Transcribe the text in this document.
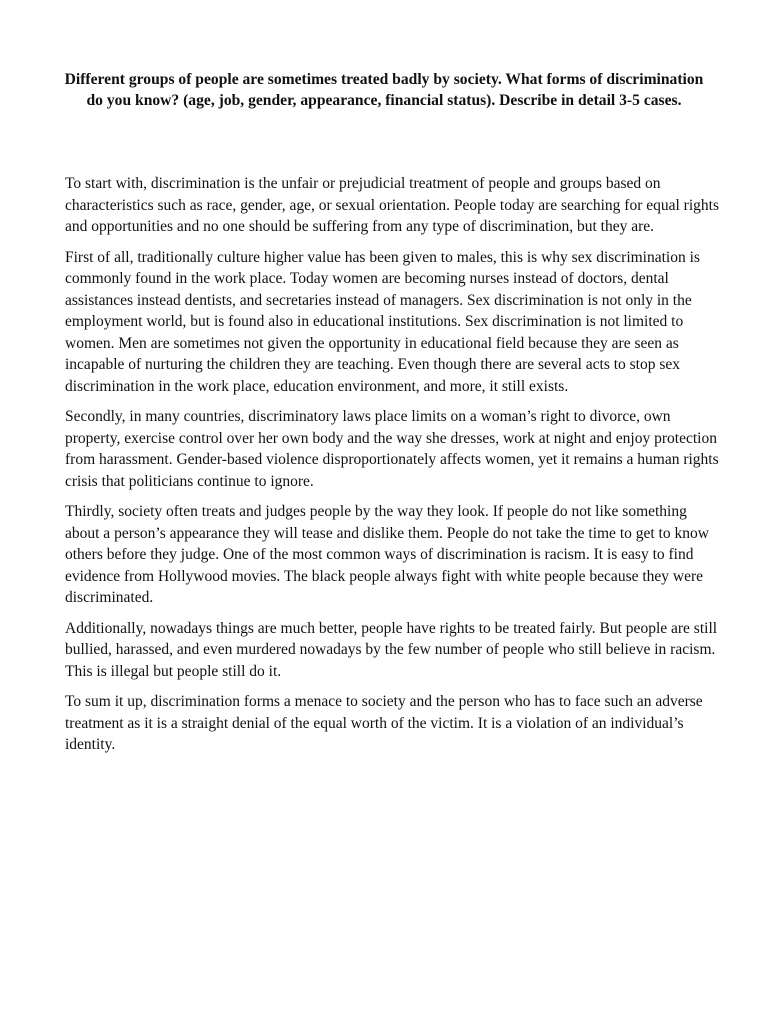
Different groups of people are sometimes treated badly by society. What forms of discrimination do you know? (age, job, gender, appearance, financial status). Describe in detail 3-5 cases.

To start with, discrimination is the unfair or prejudicial treatment of people and groups based on characteristics such as race, gender, age, or sexual orientation. People today are searching for equal rights and opportunities and no one should be suffering from any type of discrimination, but they are.

First of all, traditionally culture higher value has been given to males, this is why sex discrimination is commonly found in the work place. Today women are becoming nurses instead of doctors, dental assistances instead dentists, and secretaries instead of managers. Sex discrimination is not only in the employment world, but is found also in educational institutions. Sex discrimination is not limited to women. Men are sometimes not given the opportunity in educational field because they are seen as incapable of nurturing the children they are teaching. Even though there are several acts to stop sex discrimination in the work place, education environment, and more, it still exists.

Secondly, in many countries, discriminatory laws place limits on a woman’s right to divorce, own property, exercise control over her own body and the way she dresses, work at night and enjoy protection from harassment. Gender-based violence disproportionately affects women, yet it remains a human rights crisis that politicians continue to ignore.

Thirdly, society often treats and judges people by the way they look. If people do not like something about a person’s appearance they will tease and dislike them. People do not take the time to get to know others before they judge. One of the most common ways of discrimination is racism. It is easy to find evidence from Hollywood movies. The black people always fight with white people because they were discriminated.

Additionally, nowadays things are much better, people have rights to be treated fairly. But people are still bullied, harassed, and even murdered nowadays by the few number of people who still believe in racism. This is illegal but people still do it.

To sum it up, discrimination forms a menace to society and the person who has to face such an adverse treatment as it is a straight denial of the equal worth of the victim. It is a violation of an individual’s identity.
